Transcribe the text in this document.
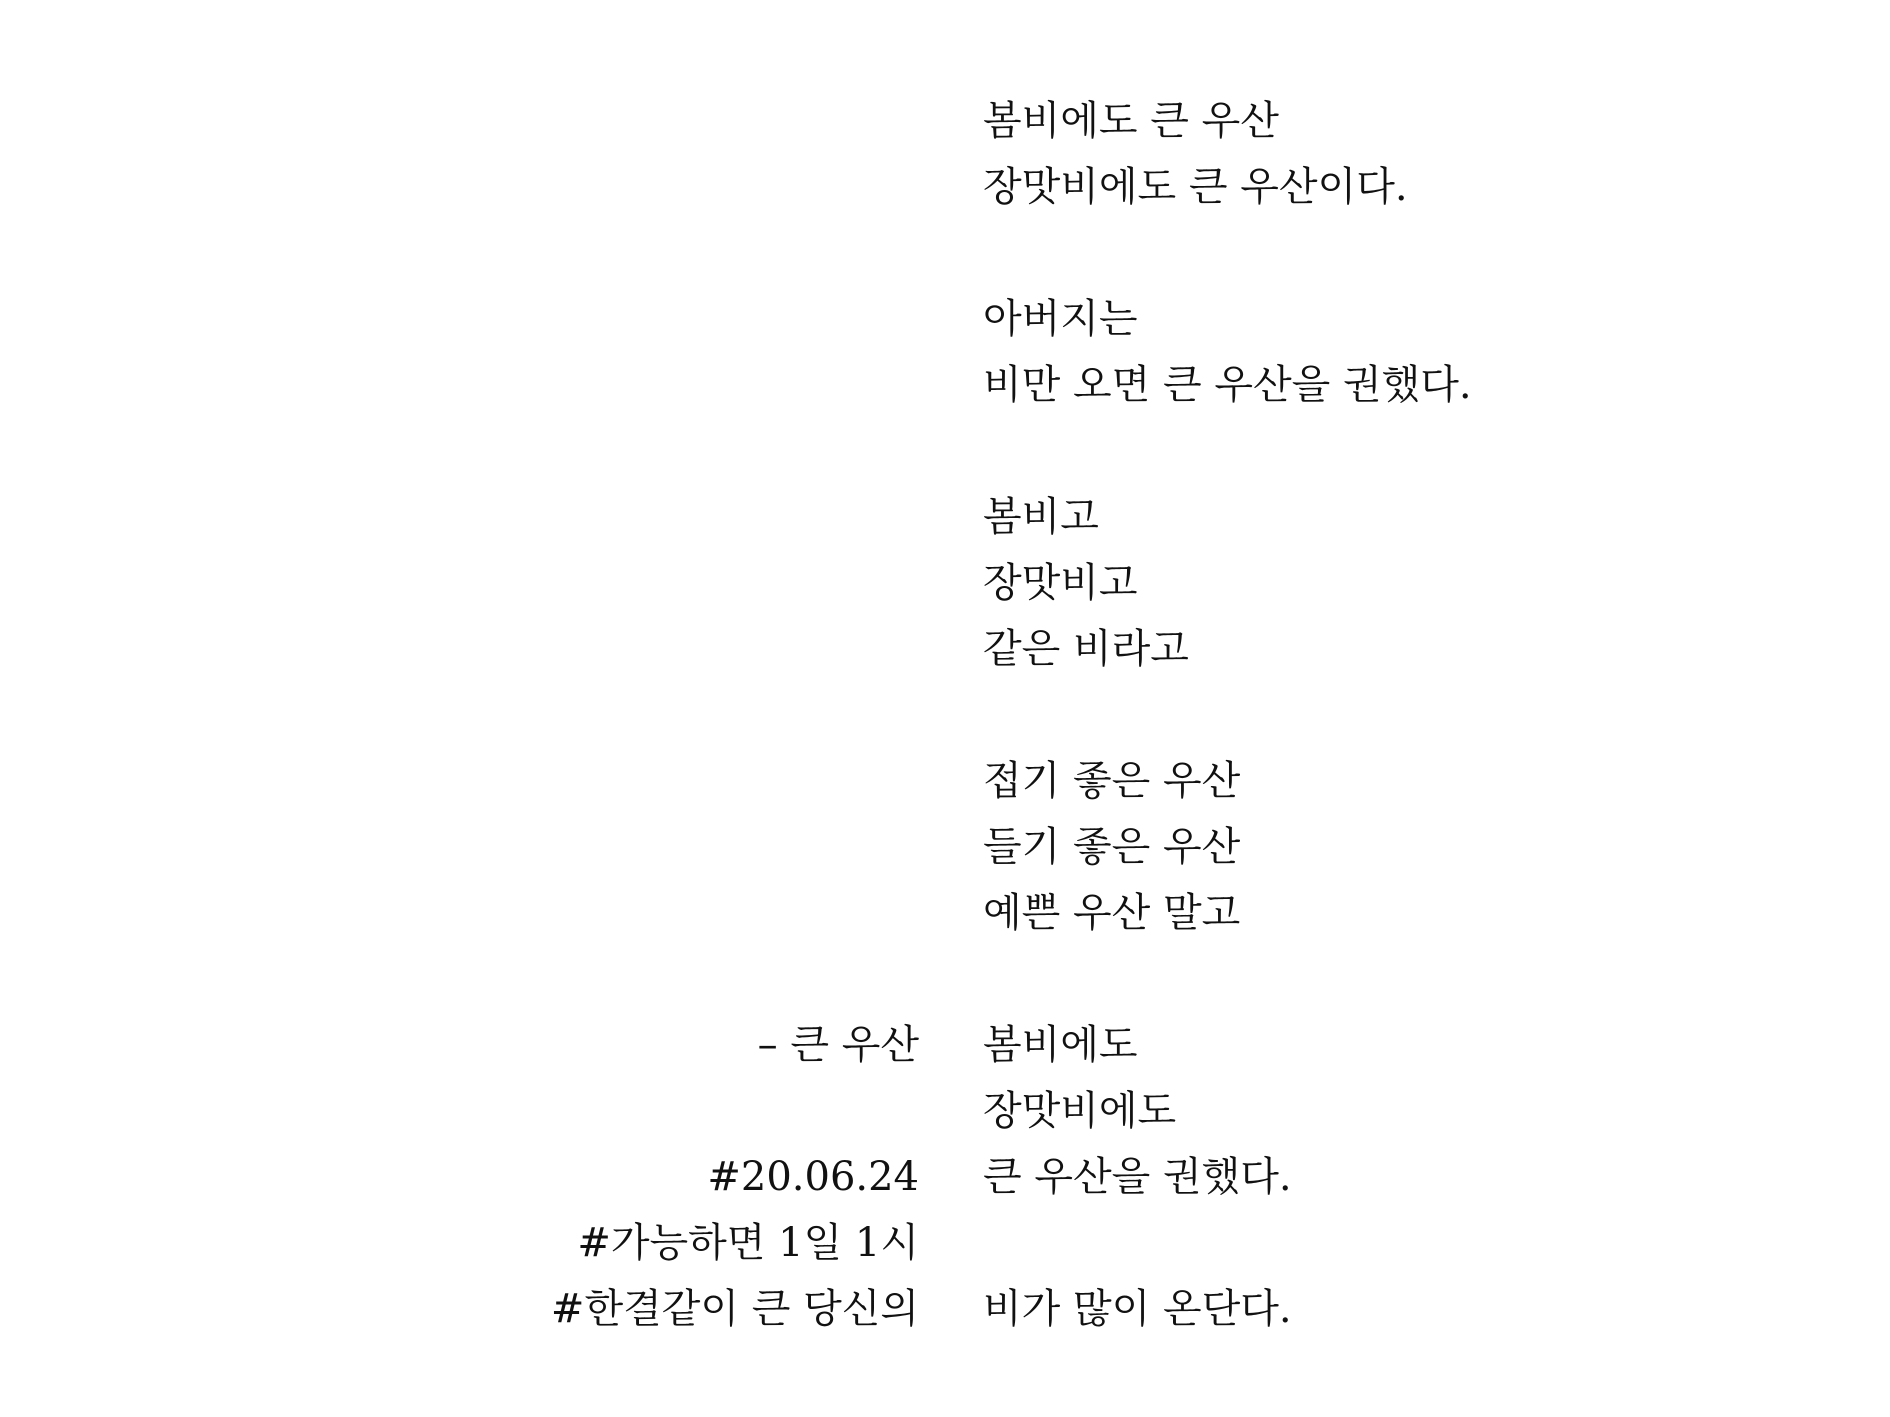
봄비에도 큰 우산
장맛비에도 큰 우산이다.
아버지는
비만 오면 큰 우산을 권했다.
봄비고
장맛비고
같은 비라고
접기 좋은 우산
들기 좋은 우산
예쁜 우산 말고
봄비에도
장맛비에도
큰 우산을 권했다.
비가 많이 온단다.
– 큰 우산
#20.06.24
#가능하면 1일 1시
#한결같이 큰 당신의
